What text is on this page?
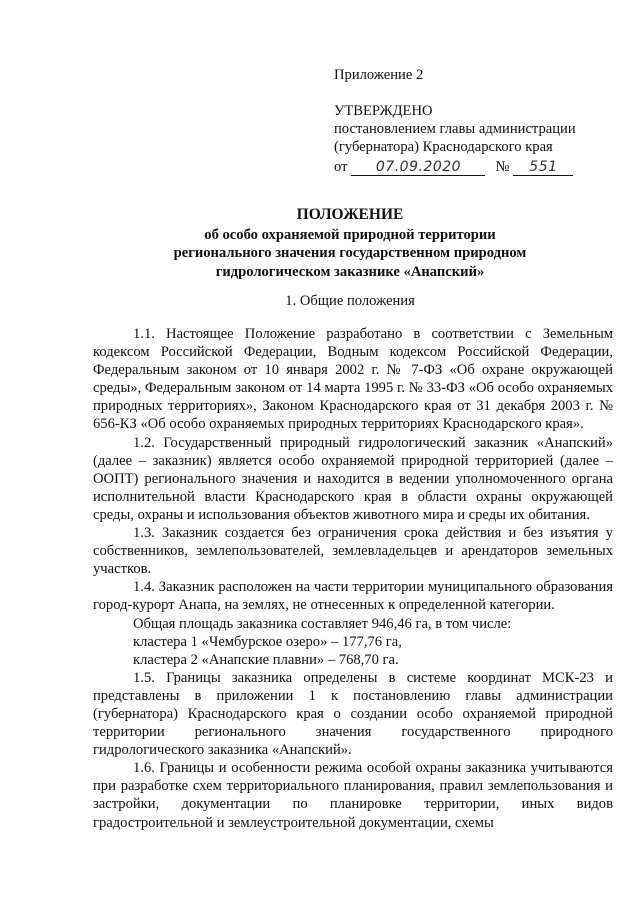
Приложение 2
УТВЕРЖДЕНО
постановлением главы администрации
(губернатора) Краснодарского края
от 07.09.2020 № 551
ПОЛОЖЕНИЕ
об особо охраняемой природной территории
регионального значения государственном природном
гидрологическом заказнике «Анапский»
1. Общие положения

1.1. Настоящее Положение разработано в соответствии с Земельным кодексом Российской Федерации, Водным кодексом Российской Федерации, Федеральным законом от 10 января 2002 г. № 7-ФЗ «Об охране окружающей среды», Федеральным законом от 14 марта 1995 г. № 33-ФЗ «Об особо охраняемых природных территориях», Законом Краснодарского края от 31 декабря 2003 г. № 656-КЗ «Об особо охраняемых природных территориях Краснодарского края».

1.2. Государственный природный гидрологический заказник «Анапский» (далее – заказник) является особо охраняемой природной территорией (далее – ООПТ) регионального значения и находится в ведении уполномоченного органа исполнительной власти Краснодарского края в области охраны окружающей среды, охраны и использования объектов животного мира и среды их обитания.

1.3. Заказник создается без ограничения срока действия и без изъятия у собственников, землепользователей, землевладельцев и арендаторов земельных участков.

1.4. Заказник расположен на части территории муниципального образования город-курорт Анапа, на землях, не отнесенных к определенной категории.

Общая площадь заказника составляет 946,46 га, в том числе:
кластера 1 «Чембурское озеро» – 177,76 га,
кластера 2 «Анапские плавни» – 768,70 га.

1.5. Границы заказника определены в системе координат МСК-23 и представлены в приложении 1 к постановлению главы администрации (губернатора) Краснодарского края о создании особо охраняемой природной территории регионального значения государственного природного гидрологического заказника «Анапский».

1.6. Границы и особенности режима особой охраны заказника учитываются при разработке схем территориального планирования, правил землепользования и застройки, документации по планировке территории, иных видов градостроительной и землеустроительной документации, схемы
